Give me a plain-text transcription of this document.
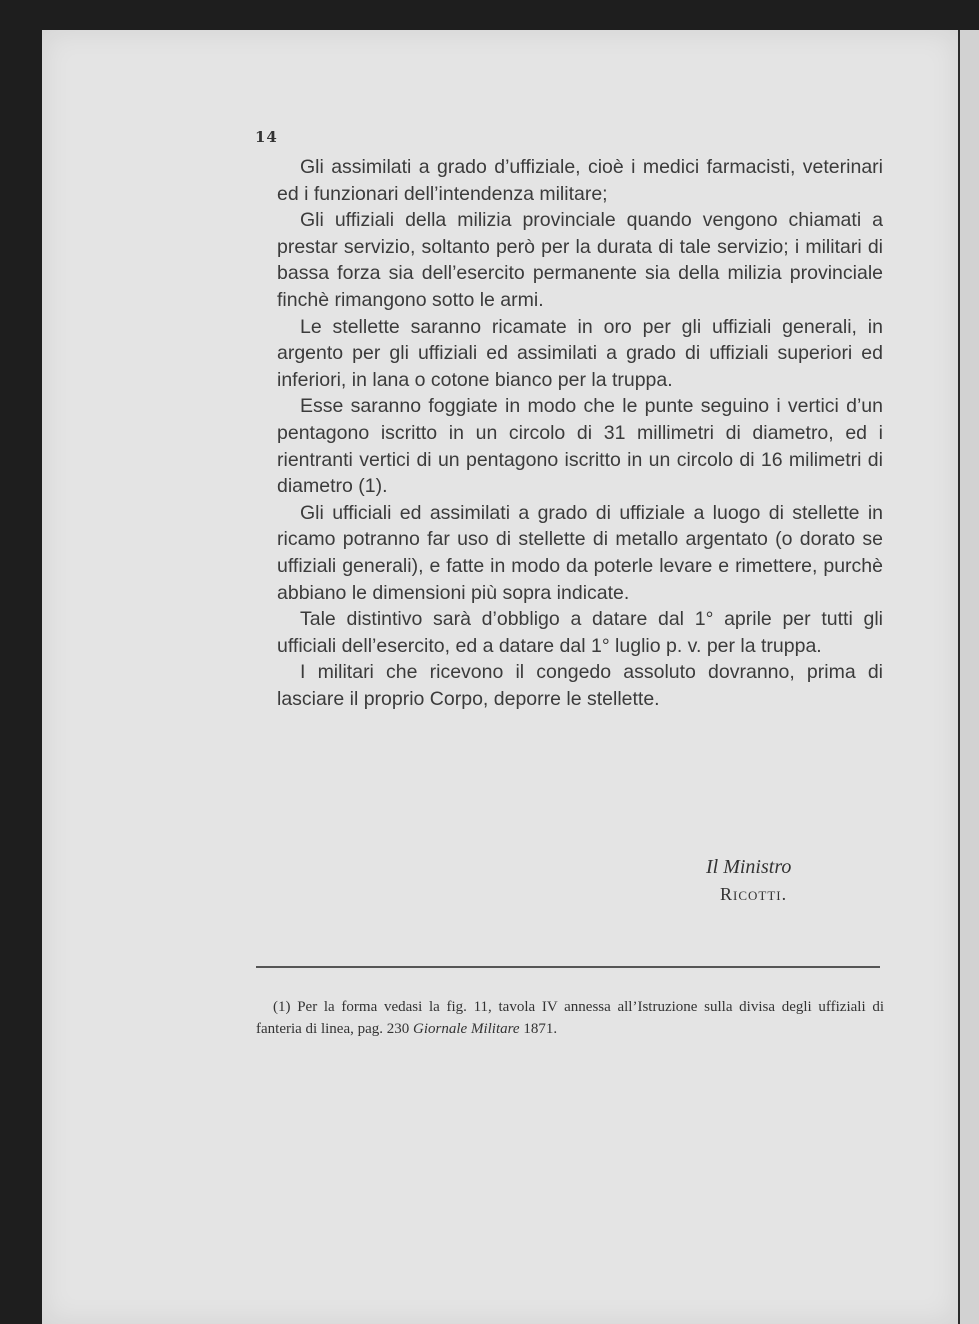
14

Gli assimilati a grado d’uffiziale, cioè i medici farmacisti, veterinari ed i funzionari dell’intendenza militare;

Gli uffiziali della milizia provinciale quando vengono chiamati a prestar servizio, soltanto però per la durata di tale servizio; i militari di bassa forza sia dell’esercito permanente sia della milizia provinciale finchè rimangono sotto le armi.

Le stellette saranno ricamate in oro per gli uffiziali generali, in argento per gli uffiziali ed assimilati a grado di uffiziali superiori ed inferiori, in lana o cotone bianco per la truppa.

Esse saranno foggiate in modo che le punte seguino i vertici d’un pentagono iscritto in un circolo di 31 millimetri di diametro, ed i rientranti vertici di un pentagono iscritto in un circolo di 16 milimetri di diametro (1).

Gli ufficiali ed assimilati a grado di uffiziale a luogo di stellette in ricamo potranno far uso di stellette di metallo argentato (o dorato se uffiziali generali), e fatte in modo da poterle levare e rimettere, purchè abbiano le dimensioni più sopra indicate.

Tale distintivo sarà d’obbligo a datare dal 1° aprile per tutti gli ufficiali dell’esercito, ed a datare dal 1° luglio p. v. per la truppa.

I militari che ricevono il congedo assoluto dovranno, prima di lasciare il proprio Corpo, deporre le stellette.

Il Ministro
Ricotti.

(1) Per la forma vedasi la fig. 11, tavola IV annessa all’Istruzione sulla divisa degli uffiziali di fanteria di linea, pag. 230 Giornale Militare 1871.
